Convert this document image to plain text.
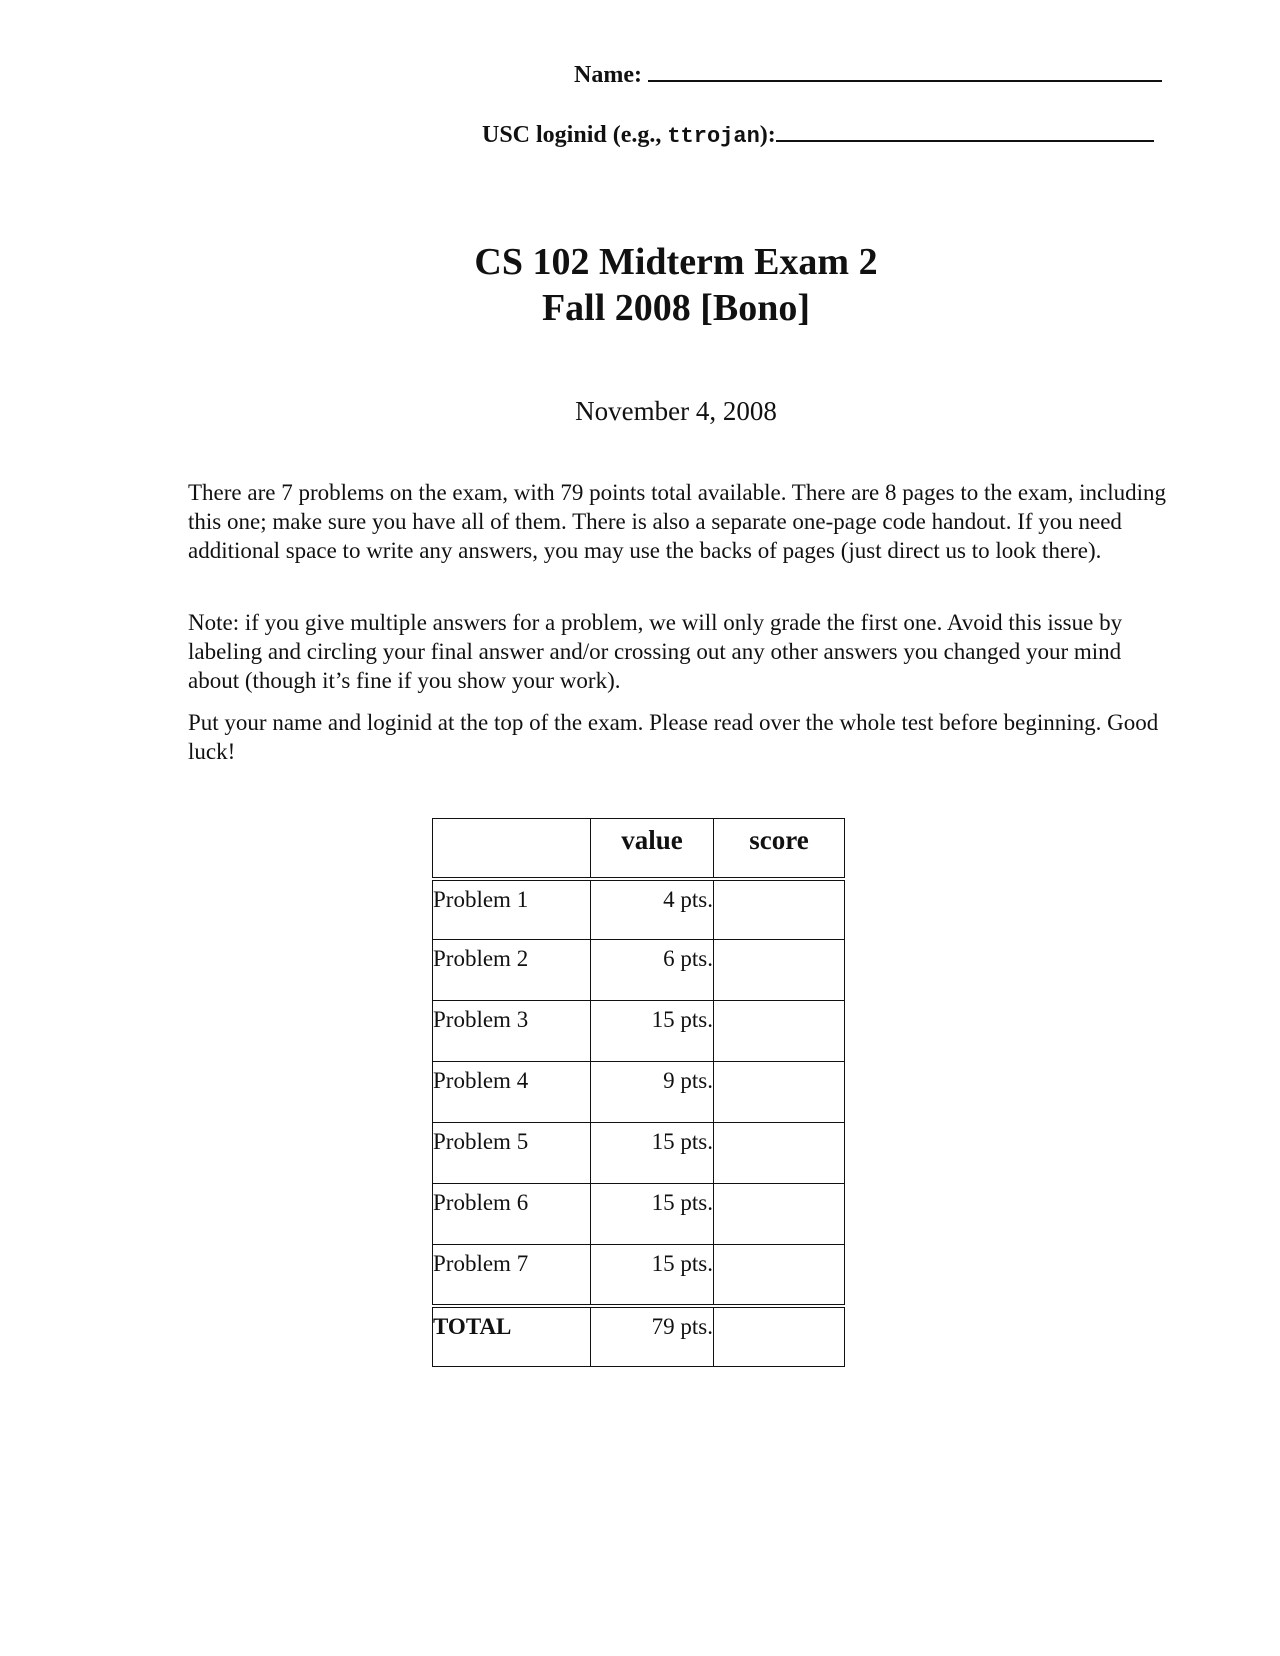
Name:
USC loginid (e.g., ttrojan):
CS 102 Midterm Exam 2
Fall 2008 [Bono]
November 4, 2008

There are 7 problems on the exam, with 79 points total available. There are 8 pages to the exam, including this one; make sure you have all of them. There is also a separate one-page code handout. If you need additional space to write any answers, you may use the backs of pages (just direct us to look there).

Note: if you give multiple answers for a problem, we will only grade the first one. Avoid this issue by labeling and circling your final answer and/or crossing out any other answers you changed your mind about (though it’s fine if you show your work).

Put your name and loginid at the top of the exam. Please read over the whole test before beginning. Good luck!

	value	score
Problem 1	4 pts.	
Problem 2	6 pts.	
Problem 3	15 pts.	
Problem 4	9 pts.	
Problem 5	15 pts.	
Problem 6	15 pts.	
Problem 7	15 pts.	
TOTAL	79 pts.	
